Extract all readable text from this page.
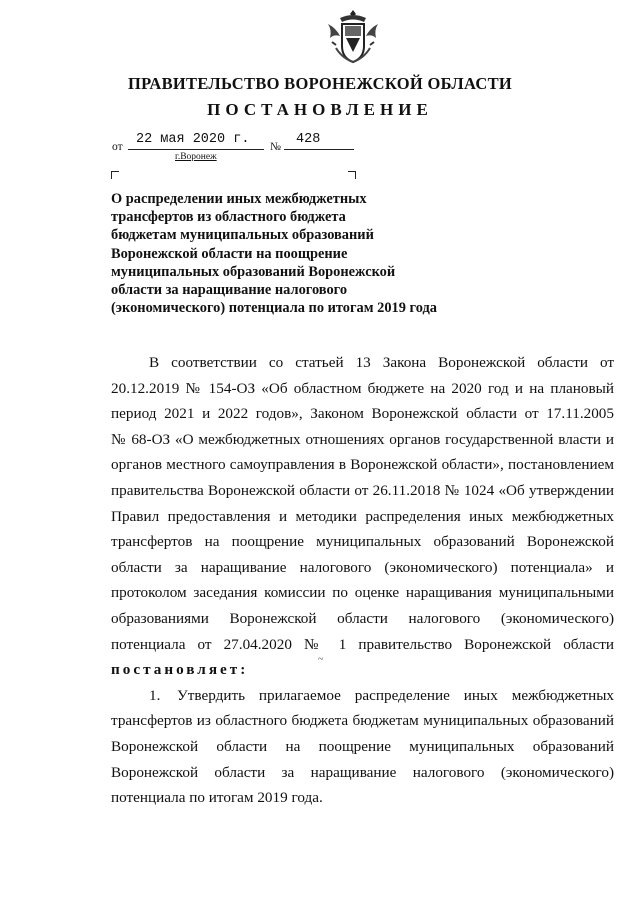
ПРАВИТЕЛЬСТВО ВОРОНЕЖСКОЙ ОБЛАСТИ
ПОСТАНОВЛЕНИЕ
от 22 мая 2020 г. № 428
г.Воронеж
О распределении иных межбюджетных
трансфертов из областного бюджета
бюджетам муниципальных образований
Воронежской области на поощрение
муниципальных образований Воронежской
области за наращивание налогового
(экономического) потенциала по итогам 2019 года
В соответствии со статьей 13 Закона Воронежской области от
20.12.2019 № 154-ОЗ «Об областном бюджете на 2020 год и на плановый
период 2021 и 2022 годов», Законом Воронежской области от 17.11.2005
№ 68-ОЗ «О межбюджетных отношениях органов государственной власти и
органов местного самоуправления в Воронежской области», постановлением
правительства Воронежской области от 26.11.2018 № 1024 «Об утверждении
Правил предоставления и методики распределения иных межбюджетных
трансфертов на поощрение муниципальных образований Воронежской
области за наращивание налогового (экономического) потенциала» и
протоколом заседания комиссии по оценке наращивания муниципальными
образованиями Воронежской области налогового (экономического)
потенциала от 27.04.2020 № 1 правительство Воронежской области
постановляет:
1.	Утвердить прилагаемое распределение иных межбюджетных
трансфертов из областного бюджета бюджетам муниципальных образований
Воронежской области на поощрение муниципальных образований
Воронежской области за наращивание налогового (экономического)
потенциала по итогам 2019 года.
~
